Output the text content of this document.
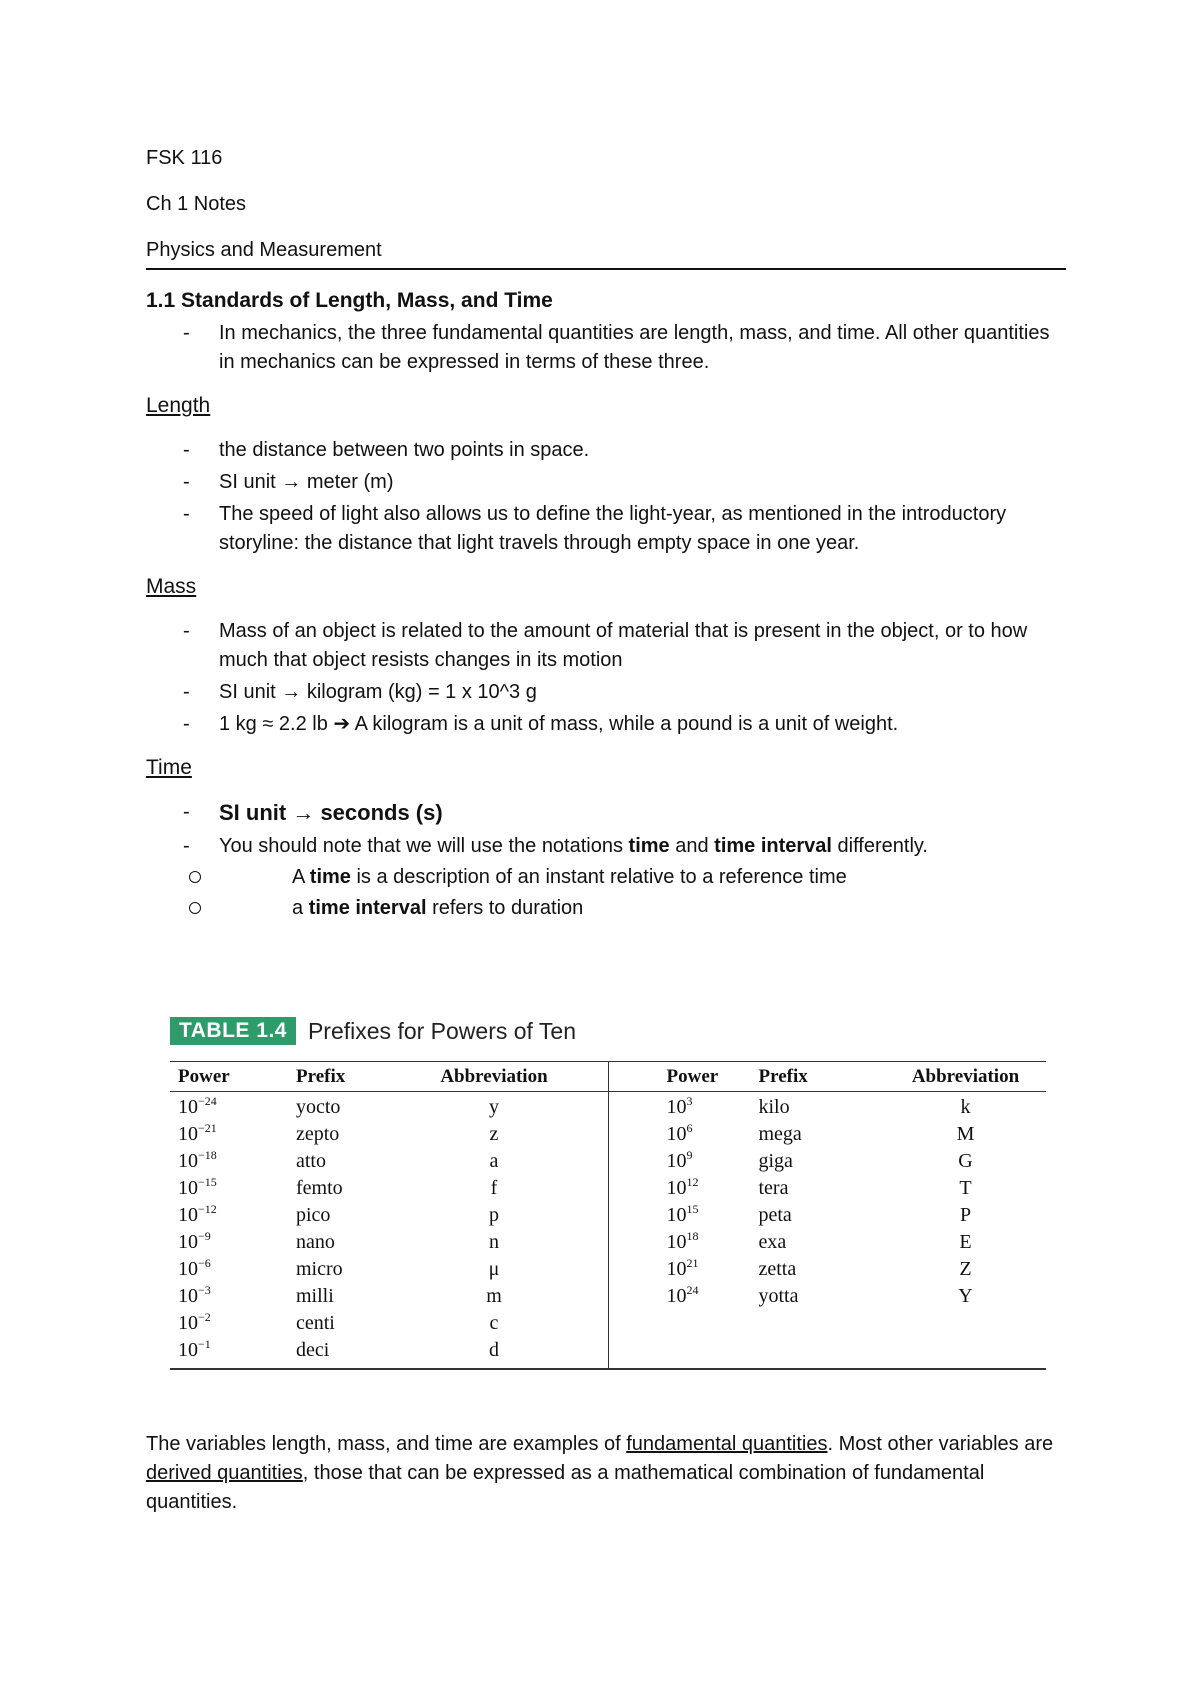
FSK 116

Ch 1 Notes

Physics and Measurement

1.1 Standards of Length, Mass, and Time

- In mechanics, the three fundamental quantities are length, mass, and time. All other quantities in mechanics can be expressed in terms of these three.

Length

- the distance between two points in space.
- SI unit → meter (m)
- The speed of light also allows us to define the light-year, as mentioned in the introductory storyline: the distance that light travels through empty space in one year.

Mass

- Mass of an object is related to the amount of material that is present in the object, or to how much that object resists changes in its motion
- SI unit → kilogram (kg) = 1 x 10^3 g
- 1 kg ≈ 2.2 lb ➔ A kilogram is a unit of mass, while a pound is a unit of weight.

Time

- SI unit → seconds (s)
- You should note that we will use the notations time and time interval differently.
A time is a description of an instant relative to a reference time
a time interval refers to duration
TABLE 1.4 Prefixes for Powers of Ten
Power	Prefix	Abbreviation
$10^{-24}$	yocto	y
$10^{-21}$	zepto	z
$10^{-18}$	atto	a
$10^{-15}$	femto	f
$10^{-12}$	pico	p
$10^{-9}$	nano	n
$10^{-6}$	micro	μ
$10^{-3}$	milli	m
$10^{-2}$	centi	c
$10^{-1}$	deci	d
Power	Prefix	Abbreviation
$10^3$	kilo	k
$10^6$	mega	M
$10^9$	giga	G
$10^{12}$	tera	T
$10^{15}$	peta	P
$10^{18}$	exa	E
$10^{21}$	zetta	Z
$10^{24}$	yotta	Y

The variables length, mass, and time are examples of fundamental quantities. Most other variables are derived quantities, those that can be expressed as a mathematical combination of fundamental quantities.
